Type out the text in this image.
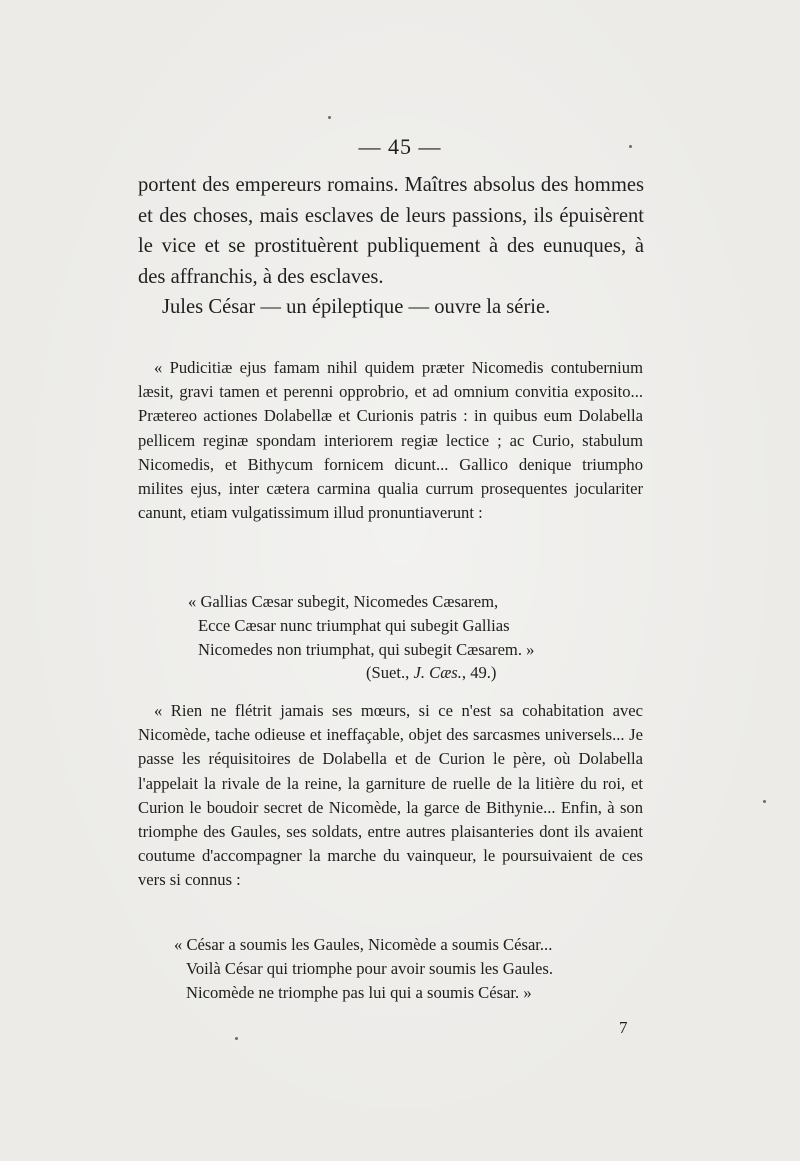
— 45 —

portent des empereurs romains. Maîtres absolus des hommes et des choses, mais esclaves de leurs passions, ils épuisèrent le vice et se prostituèrent publiquement à des eunuques, à des affranchis, à des esclaves.

Jules César — un épileptique — ouvre la série.

« Pudicitiæ ejus famam nihil quidem præter Nicomedis contubernium læsit, gravi tamen et perenni opprobrio, et ad omnium convitia exposito... Prætereo actiones Dolabellæ et Curionis patris : in quibus eum Dolabella pellicem reginæ spondam interiorem regiæ lectice ; ac Curio, stabulum Nicomedis, et Bithycum fornicem dicunt... Gallico denique triumpho milites ejus, inter cætera carmina qualia currum prosequentes joculariter canunt, etiam vulgatissimum illud pronuntiaverunt :

« Gallias Cæsar subegit, Nicomedes Cæsarem,
Ecce Cæsar nunc triumphat qui subegit Gallias
Nicomedes non triumphat, qui subegit Cæsarem. »
(Suet., J. Cæs., 49.)

« Rien ne flétrit jamais ses mœurs, si ce n'est sa cohabitation avec Nicomède, tache odieuse et ineffaçable, objet des sarcasmes universels... Je passe les réquisitoires de Dolabella et de Curion le père, où Dolabella l'appelait la rivale de la reine, la garniture de ruelle de la litière du roi, et Curion le boudoir secret de Nicomède, la garce de Bithynie... Enfin, à son triomphe des Gaules, ses soldats, entre autres plaisanteries dont ils avaient coutume d'accompagner la marche du vainqueur, le poursuivaient de ces vers si connus :

« César a soumis les Gaules, Nicomède a soumis César...
Voilà César qui triomphe pour avoir soumis les Gaules.
Nicomède ne triomphe pas lui qui a soumis César. »
7
